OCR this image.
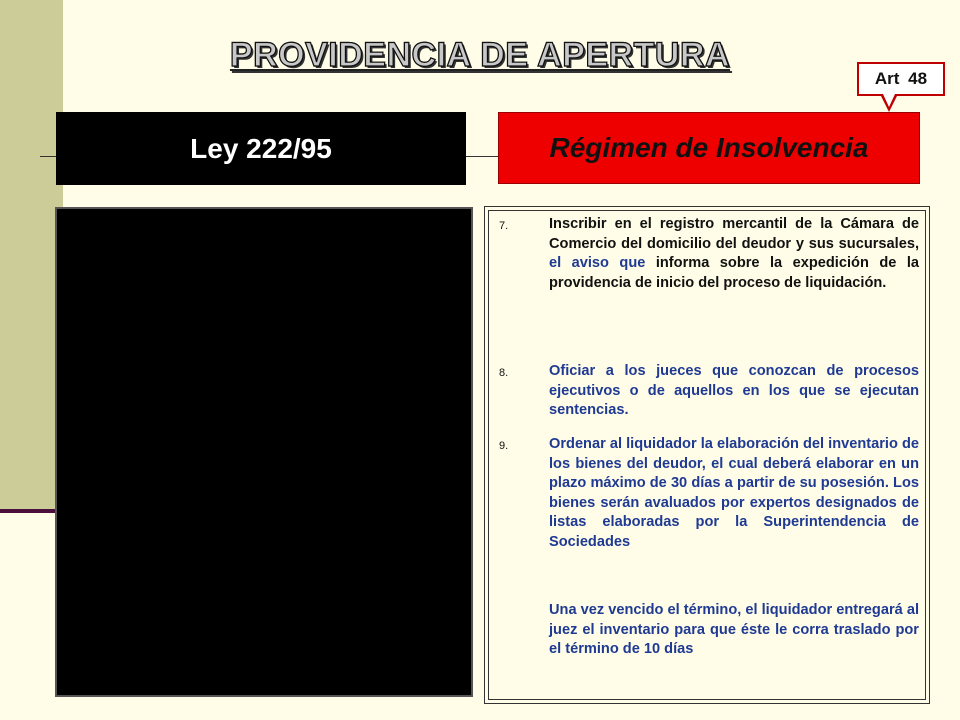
PROVIDENCIA DE APERTURA
Art 48
Ley 222/95	Régimen de Insolvencia
7.	Inscribir en el registro mercantil de la Cámara de Comercio del domicilio del deudor y sus sucursales, el aviso que informa sobre la expedición de la providencia de inicio del proceso de liquidación.
8.	Oficiar a los jueces que conozcan de procesos ejecutivos o de aquellos en los que se ejecutan sentencias.
9.	Ordenar al liquidador la elaboración del inventario de los bienes del deudor, el cual deberá elaborar en un plazo máximo de 30 días a partir de su posesión. Los bienes serán avaluados por expertos designados de listas elaboradas por la Superintendencia de Sociedades
Una vez vencido el término, el liquidador entregará al juez el inventario para que éste le corra traslado por el término de 10 días
